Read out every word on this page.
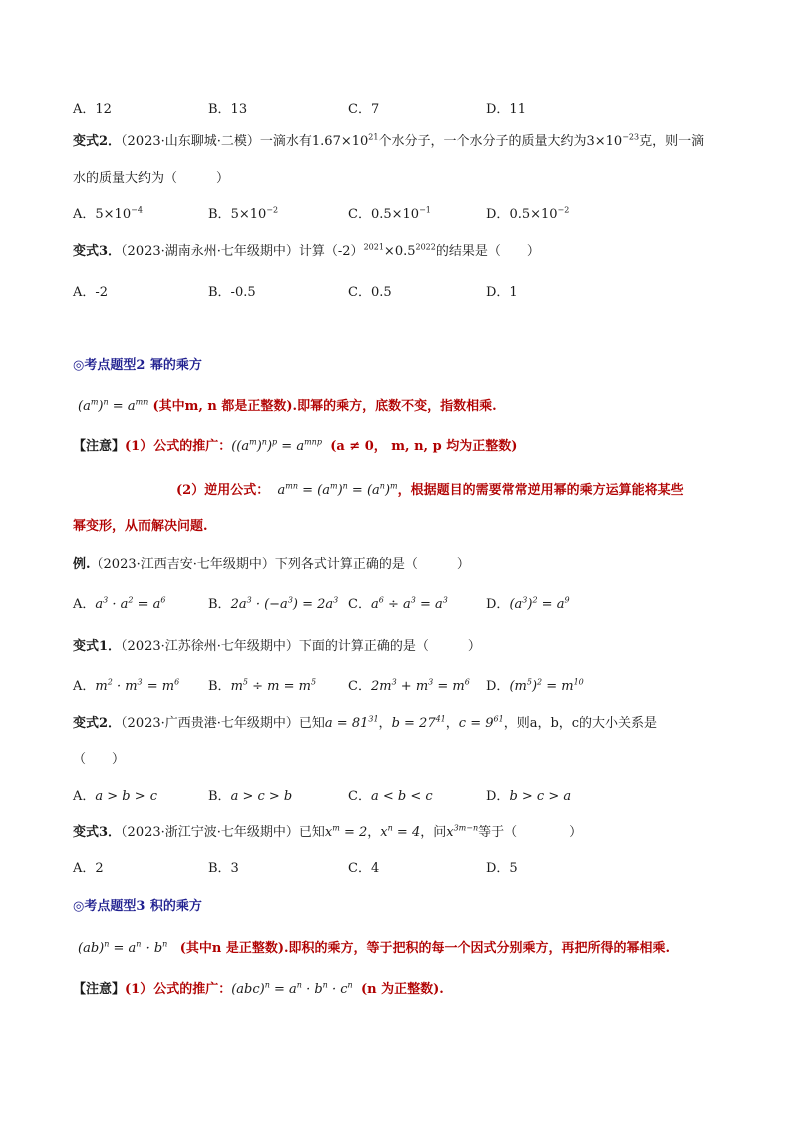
A．12	B．13	C．7	D．11
变式2．（2023·山东聊城·二模）一滴水有$1.67\times 10^{21}$个水分子，一个水分子的质量大约为$3\times 10^{-23}$克，则一滴
水的质量大约为（　　　）
A．$5\times 10^{-4}$	B．$5\times 10^{-2}$	C．$0.5\times 10^{-1}$	D．$0.5\times 10^{-2}$
变式3．（2023·湖南永州·七年级期中）计算$(-2)^{2021}\times 0.5^{2022}$的结果是（　　）
A．-2	B．-0.5	C．0.5	D．1
◎考点题型2 幂的乘方
$(a^m)^n = a^{mn}$ (其中m, n 都是正整数).即幂的乘方，底数不变，指数相乘.
【注意】(1）公式的推广：$((a^m)^n)^p = a^{mnp}$ (a ≠ 0， m, n, p 均为正整数)
(2）逆用公式： $a^{mn} = (a^m)^n = (a^n)^m$，根据题目的需要常常逆用幂的乘方运算能将某些
幂变形，从而解决问题.
例.（2023·江西吉安·七年级期中）下列各式计算正确的是（　　　）
A．$a^3 \cdot a^2 = a^6$	B．$2a^3 \cdot (-a^3) = 2a^3$ C．$a^6 \div a^3 = a^3$	D．$(a^3)^2 = a^9$
变式1．（2023·江苏徐州·七年级期中）下面的计算正确的是（　　　）
A．$m^2 \cdot m^3 = m^6$ B．$m^5 \div m = m^5$ C．$2m^3 + m^3 = m^6$ D．$(m^5)^2 = m^{10}$
变式2．（2023·广西贵港·七年级期中）已知$a = 81^{31}$，$b = 27^{41}$，$c = 9^{61}$，则a，b，c的大小关系是
（　　）
A．a > b > c	B．a > c > b	C．a < b < c	D．b > c > a
变式3．（2023·浙江宁波·七年级期中）已知$x^m = 2$，$x^n = 4$，问$x^{3m-n}$等于（　　　　）
A．2	B．3	C．4	D．5
◎考点题型3 积的乘方
$(ab)^n = a^n \cdot b^n$ (其中n 是正整数).即积的乘方，等于把积的每一个因式分别乘方，再把所得的幂相乘.
【注意】(1）公式的推广：$(abc)^n = a^n \cdot b^n \cdot c^n$ (n 为正整数).
